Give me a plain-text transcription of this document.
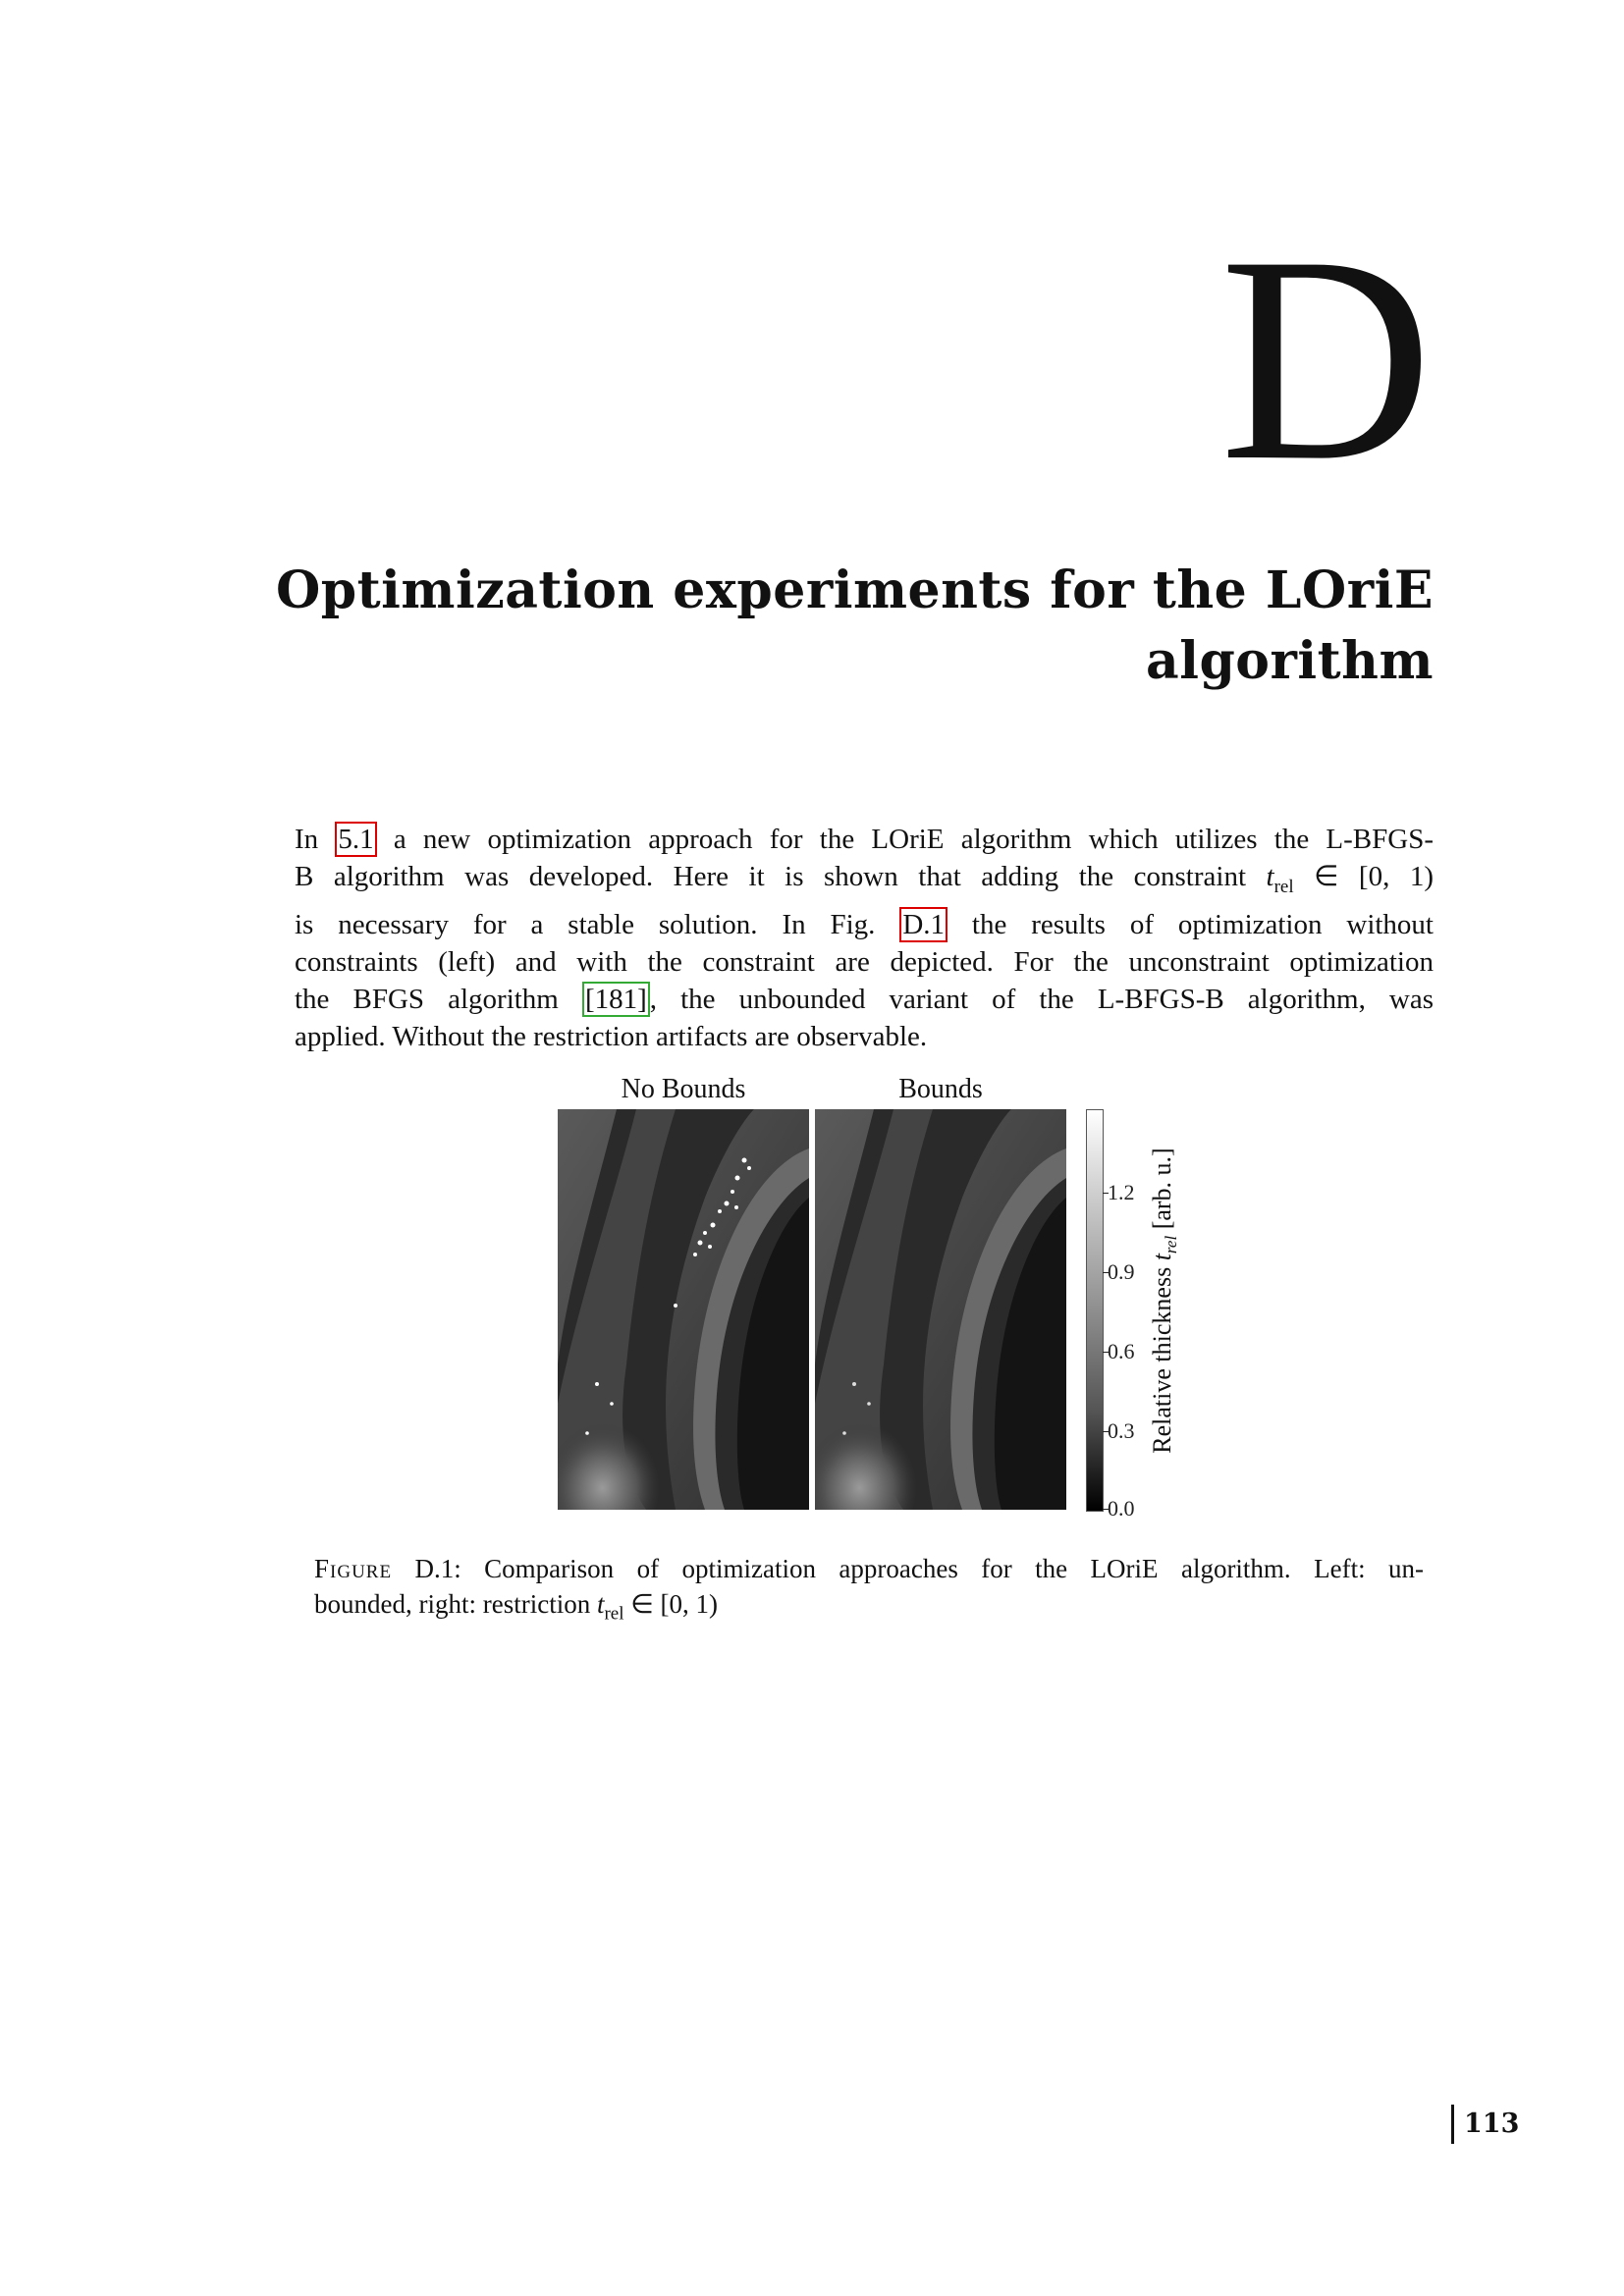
D
Optimization experiments for the LOriE
algorithm
In 5.1 a new optimization approach for the LOriE algorithm which utilizes the L-BFGS-
B algorithm was developed. Here it is shown that adding the constraint $t_{rel}$ ∈ [0, 1)
is necessary for a stable solution. In Fig. D.1 the results of optimization without
constraints (left) and with the constraint are depicted. For the unconstraint optimization
the BFGS algorithm [181] , the unbounded variant of the L-BFGS-B algorithm, was
applied. Without the restriction artifacts are observable.
No Bounds	Bounds
1.2
0.9
0.6
0.3
0.0
Relative thickness $t_{rel}$ [arb. u.]
Figure D.1: Comparison of optimization approaches for the LOriE algorithm. Left: un-
bounded, right: restriction $t_{rel}$ ∈ [0, 1)
113
